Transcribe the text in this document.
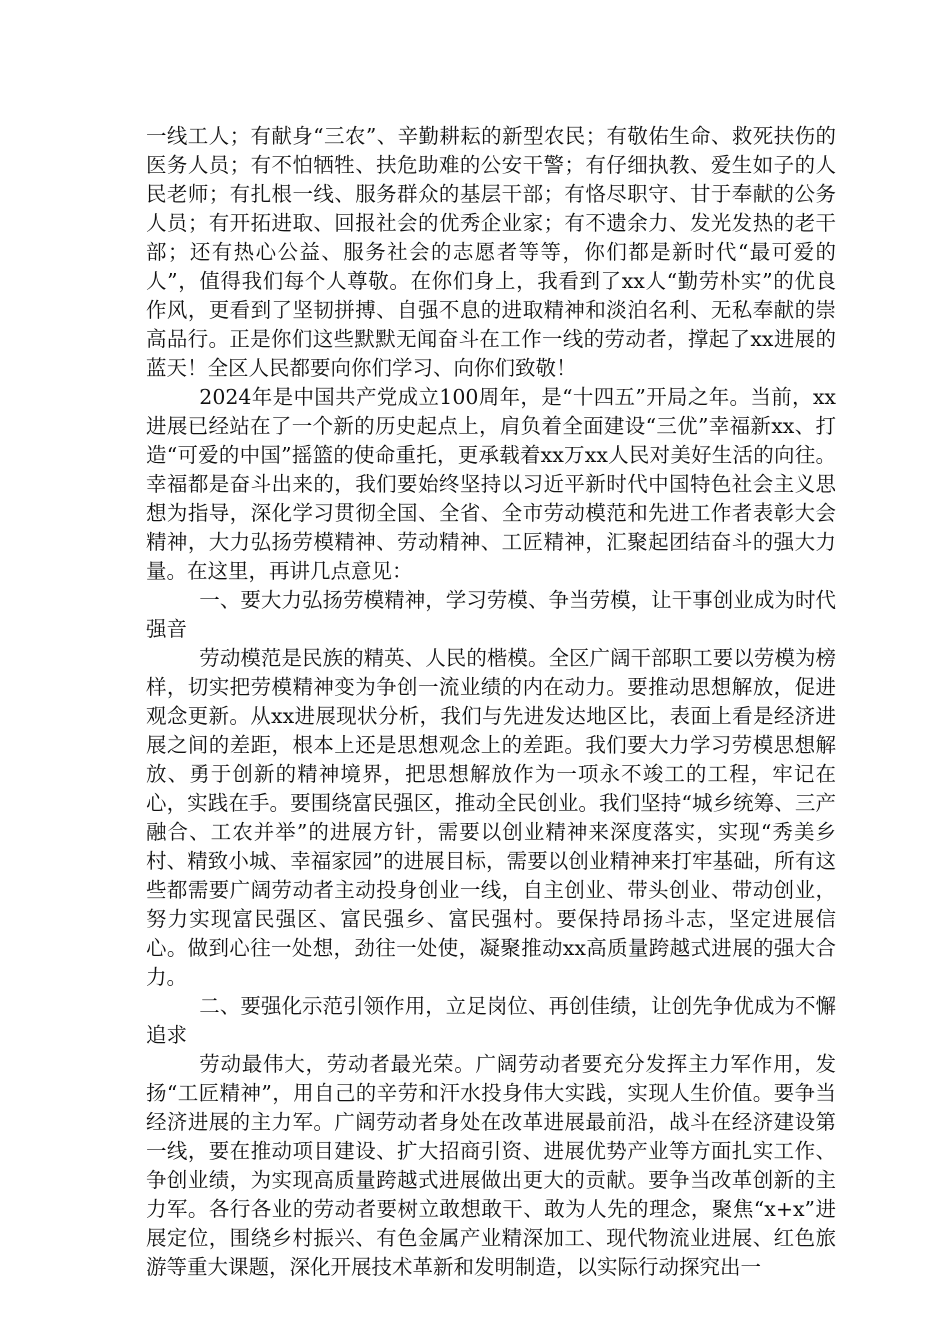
一线工人；有献身“三农”、辛勤耕耘的新型农民；有敬佑生命、救死扶伤的医务人员；有不怕牺牲、扶危助难的公安干警；有仔细执教、爱生如子的人民老师；有扎根一线、服务群众的基层干部；有恪尽职守、甘于奉献的公务人员；有开拓进取、回报社会的优秀企业家；有不遗余力、发光发热的老干部；还有热心公益、服务社会的志愿者等等，你们都是新时代“最可爱的人”，值得我们每个人尊敬。在你们身上，我看到了xx人“勤劳朴实”的优良作风，更看到了坚韧拼搏、自强不息的进取精神和淡泊名利、无私奉献的崇高品行。正是你们这些默默无闻奋斗在工作一线的劳动者，撑起了xx进展的蓝天！全区人民都要向你们学习、向你们致敬！

2024年是中国共产党成立100周年，是“十四五”开局之年。当前，xx进展已经站在了一个新的历史起点上，肩负着全面建设“三优”幸福新xx、打造“可爱的中国”摇篮的使命重托，更承载着xx万xx人民对美好生活的向往。幸福都是奋斗出来的，我们要始终坚持以习近平新时代中国特色社会主义思想为指导，深化学习贯彻全国、全省、全市劳动模范和先进工作者表彰大会精神，大力弘扬劳模精神、劳动精神、工匠精神，汇聚起团结奋斗的强大力量。在这里，再讲几点意见：

一、要大力弘扬劳模精神，学习劳模、争当劳模，让干事创业成为时代强音

劳动模范是民族的精英、人民的楷模。全区广阔干部职工要以劳模为榜样，切实把劳模精神变为争创一流业绩的内在动力。要推动思想解放，促进观念更新。从xx进展现状分析，我们与先进发达地区比，表面上看是经济进展之间的差距，根本上还是思想观念上的差距。我们要大力学习劳模思想解放、勇于创新的精神境界，把思想解放作为一项永不竣工的工程，牢记在心，实践在手。要围绕富民强区，推动全民创业。我们坚持“城乡统筹、三产融合、工农并举”的进展方针，需要以创业精神来深度落实，实现“秀美乡村、精致小城、幸福家园”的进展目标，需要以创业精神来打牢基础，所有这些都需要广阔劳动者主动投身创业一线，自主创业、带头创业、带动创业，努力实现富民强区、富民强乡、富民强村。要保持昂扬斗志，坚定进展信心。做到心往一处想，劲往一处使，凝聚推动xx高质量跨越式进展的强大合力。

二、要强化示范引领作用，立足岗位、再创佳绩，让创先争优成为不懈追求

劳动最伟大，劳动者最光荣。广阔劳动者要充分发挥主力军作用，发扬“工匠精神”，用自己的辛劳和汗水投身伟大实践，实现人生价值。要争当经济进展的主力军。广阔劳动者身处在改革进展最前沿，战斗在经济建设第一线，要在推动项目建设、扩大招商引资、进展优势产业等方面扎实工作、争创业绩，为实现高质量跨越式进展做出更大的贡献。要争当改革创新的主力军。各行各业的劳动者要树立敢想敢干、敢为人先的理念，聚焦“x+x”进展定位，围绕乡村振兴、有色金属产业精深加工、现代物流业进展、红色旅游等重大课题，深化开展技术革新和发明制造，以实际行动探究出一
